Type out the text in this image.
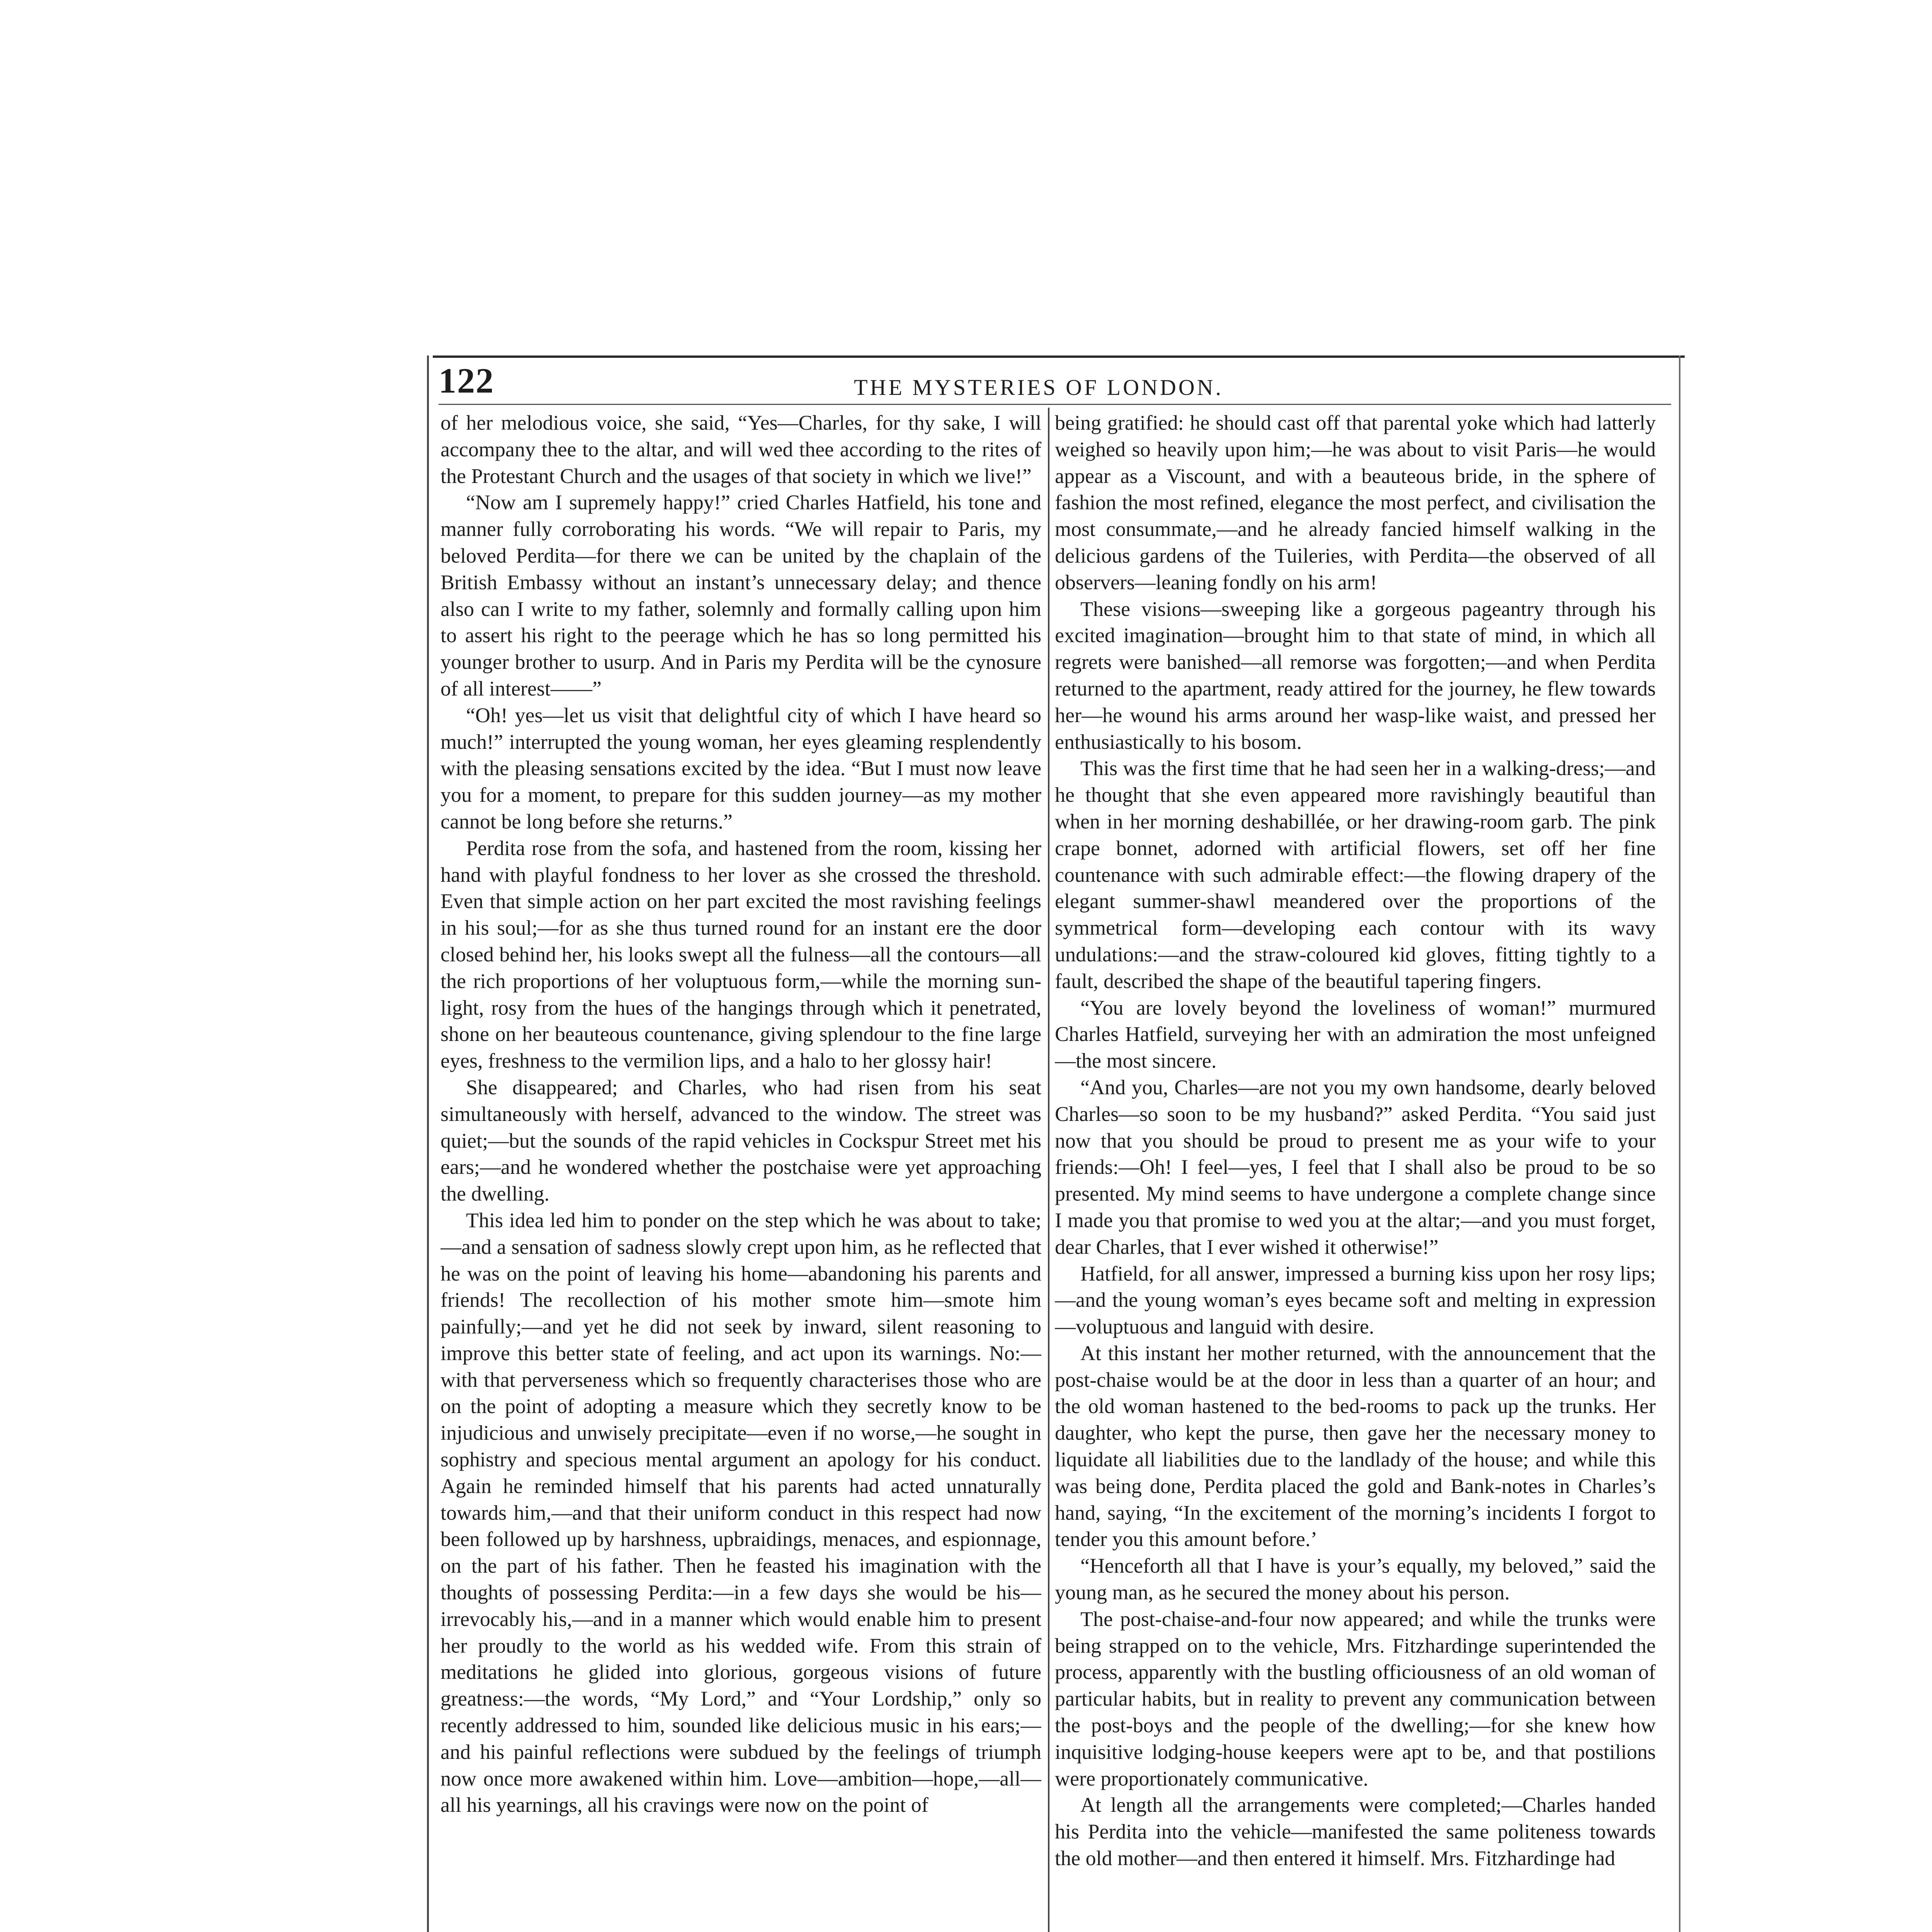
122	THE MYSTERIES OF LONDON.

of her melodious voice, she said, “Yes—Charles, for thy sake, I will accompany thee to the altar, and will wed thee according to the rites of the Protestant Church and the usages of that society in which we live!”

“Now am I supremely happy!” cried Charles Hatfield, his tone and manner fully corroborating his words. “We will repair to Paris, my beloved Perdita—for there we can be united by the chaplain of the British Embassy without an instant’s unnecessary delay; and thence also can I write to my father, solemnly and formally calling upon him to assert his right to the peerage which he has so long permitted his younger brother to usurp. And in Paris my Perdita will be the cynosure of all interest——”

“Oh! yes—let us visit that delightful city of which I have heard so much!” interrupted the young woman, her eyes gleaming resplendently with the pleasing sensations excited by the idea. “But I must now leave you for a moment, to prepare for this sudden journey—as my mother cannot be long before she returns.”

Perdita rose from the sofa, and hastened from the room, kissing her hand with playful fondness to her lover as she crossed the threshold. Even that simple action on her part excited the most ravishing feelings in his soul;—for as she thus turned round for an instant ere the door closed behind her, his looks swept all the fulness—all the contours—all the rich proportions of her voluptuous form,—while the morning sun-light, rosy from the hues of the hangings through which it penetrated, shone on her beauteous countenance, giving splendour to the fine large eyes, freshness to the vermilion lips, and a halo to her glossy hair!

She disappeared; and Charles, who had risen from his seat simultaneously with herself, advanced to the window. The street was quiet;—but the sounds of the rapid vehicles in Cockspur Street met his ears;—and he wondered whether the postchaise were yet approaching the dwelling.

This idea led him to ponder on the step which he was about to take;—and a sensation of sadness slowly crept upon him, as he reflected that he was on the point of leaving his home—abandoning his parents and friends! The recollection of his mother smote him—smote him painfully;—and yet he did not seek by inward, silent reasoning to improve this better state of feeling, and act upon its warnings. No:—with that perverseness which so frequently characterises those who are on the point of adopting a measure which they secretly know to be injudicious and unwisely precipitate—even if no worse,—he sought in sophistry and specious mental argument an apology for his conduct. Again he reminded himself that his parents had acted unnaturally towards him,—and that their uniform conduct in this respect had now been followed up by harshness, upbraidings, menaces, and espionnage, on the part of his father. Then he feasted his imagination with the thoughts of possessing Perdita:—in a few days she would be his—irrevocably his,—and in a manner which would enable him to present her proudly to the world as his wedded wife. From this strain of meditations he glided into glorious, gorgeous visions of future greatness:—the words, “My Lord,” and “Your Lordship,” only so recently addressed to him, sounded like delicious music in his ears;—and his painful reflections were subdued by the feelings of triumph now once more awakened within him. Love—ambition—hope,—all—all his yearnings, all his cravings were now on the point of

being gratified: he should cast off that parental yoke which had latterly weighed so heavily upon him;—he was about to visit Paris—he would appear as a Viscount, and with a beauteous bride, in the sphere of fashion the most refined, elegance the most perfect, and civilisation the most consummate,—and he already fancied himself walking in the delicious gardens of the Tuileries, with Perdita—the observed of all observers—leaning fondly on his arm!

These visions—sweeping like a gorgeous pageantry through his excited imagination—brought him to that state of mind, in which all regrets were banished—all remorse was forgotten;—and when Perdita returned to the apartment, ready attired for the journey, he flew towards her—he wound his arms around her wasp-like waist, and pressed her enthusiastically to his bosom.

This was the first time that he had seen her in a walking-dress;—and he thought that she even appeared more ravishingly beautiful than when in her morning deshabillée, or her drawing-room garb. The pink crape bonnet, adorned with artificial flowers, set off her fine countenance with such admirable effect:—the flowing drapery of the elegant summer-shawl meandered over the proportions of the symmetrical form—developing each contour with its wavy undulations:—and the straw-coloured kid gloves, fitting tightly to a fault, described the shape of the beautiful tapering fingers.

“You are lovely beyond the loveliness of woman!” murmured Charles Hatfield, surveying her with an admiration the most unfeigned—the most sincere.

“And you, Charles—are not you my own handsome, dearly beloved Charles—so soon to be my husband?” asked Perdita. “You said just now that you should be proud to present me as your wife to your friends:—Oh! I feel—yes, I feel that I shall also be proud to be so presented. My mind seems to have undergone a complete change since I made you that promise to wed you at the altar;—and you must forget, dear Charles, that I ever wished it otherwise!”

Hatfield, for all answer, impressed a burning kiss upon her rosy lips;—and the young woman’s eyes became soft and melting in expression—voluptuous and languid with desire.

At this instant her mother returned, with the announcement that the post-chaise would be at the door in less than a quarter of an hour; and the old woman hastened to the bed-rooms to pack up the trunks. Her daughter, who kept the purse, then gave her the necessary money to liquidate all liabilities due to the landlady of the house; and while this was being done, Perdita placed the gold and Bank-notes in Charles’s hand, saying, “In the excitement of the morning’s incidents I forgot to tender you this amount before.’

“Henceforth all that I have is your’s equally, my beloved,” said the young man, as he secured the money about his person.

The post-chaise-and-four now appeared; and while the trunks were being strapped on to the vehicle, Mrs. Fitzhardinge superintended the process, apparently with the bustling officiousness of an old woman of particular habits, but in reality to prevent any communication between the post-boys and the people of the dwelling;—for she knew how inquisitive lodging-house keepers were apt to be, and that postilions were proportionately communicative.

At length all the arrangements were completed;—Charles handed his Perdita into the vehicle—manifested the same politeness towards the old mother—and then entered it himself. Mrs. Fitzhardinge had
